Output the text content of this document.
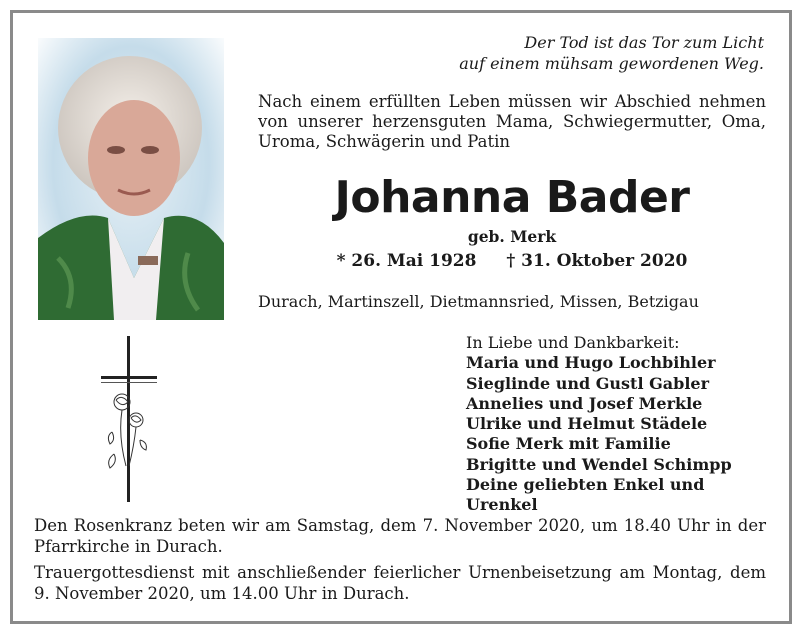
Der Tod ist das Tor zum Licht
auf einem mühsam gewordenen Weg.

Nach einem erfüllten Leben müssen wir Abschied nehmen von unserer herzensguten Mama, Schwiegermutter, Oma, Uroma, Schwägerin und Patin

Johanna Bader
geb. Merk
* 26. Mai 1928 † 31. Oktober 2020
Durach, Martinszell, Dietmannsried, Missen, Betzigau
In Liebe und Dankbarkeit:
Maria und Hugo Lochbihler
Sieglinde und Gustl Gabler
Annelies und Josef Merkle
Ulrike und Helmut Städele
Sofie Merk mit Familie
Brigitte und Wendel Schimpp
Deine geliebten Enkel und Urenkel
Den Rosenkranz beten wir am Samstag, dem 7. November 2020, um 18.40 Uhr in der Pfarrkirche in Durach.
Trauergottesdienst mit anschließender feierlicher Urnenbeisetzung am Montag, dem 9. November 2020, um 14.00 Uhr in Durach.
